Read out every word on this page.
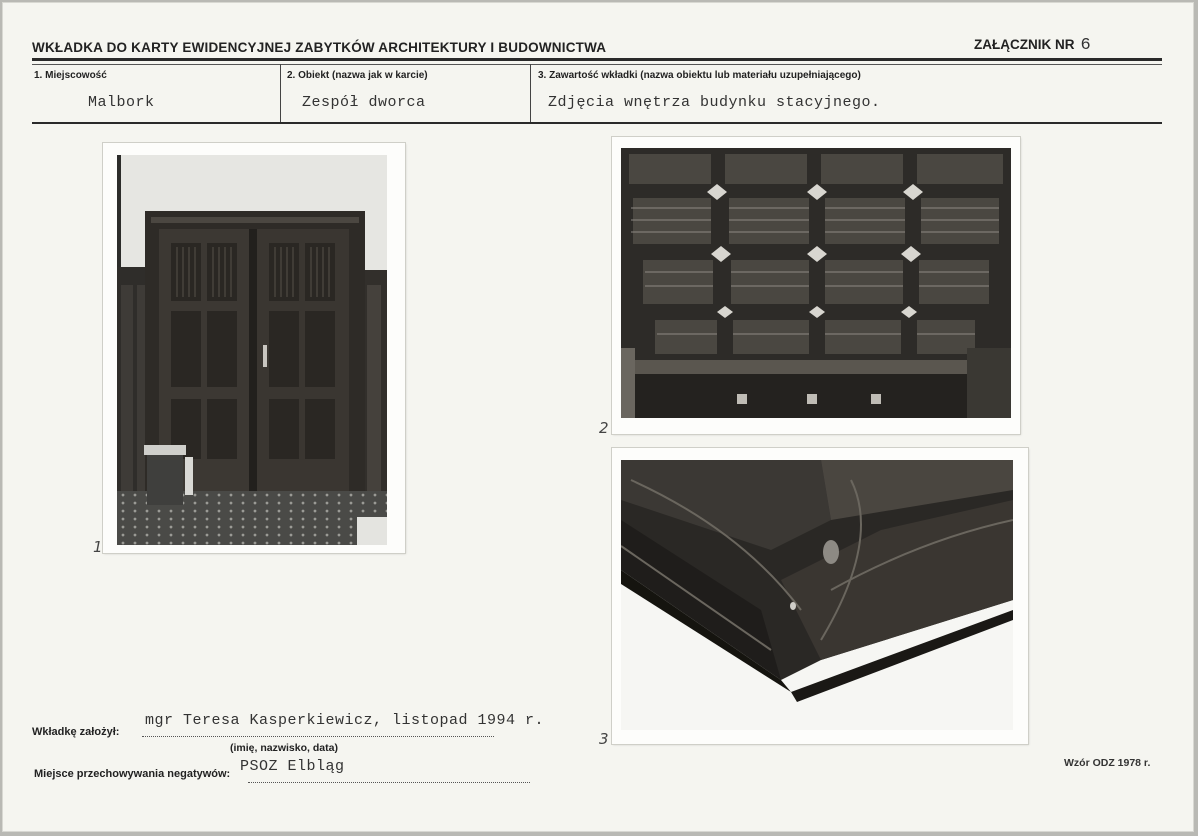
WKŁADKA DO KARTY EWIDENCYJNEJ ZABYTKÓW ARCHITEKTURY I BUDOWNICTWA	ZAŁĄCZNIK NR 6
1. Miejscowość	2. Obiekt (nazwa jak w karcie)	3. Zawartość wkładki (nazwa obiektu lub materiału uzupełniającego)
Malbork	Zespół dworca	Zdjęcia wnętrza budynku stacyjnego.
1
2
3
Wkładkę założył:
mgr Teresa Kasperkiewicz, listopad 1994 r.
(imię, nazwisko, data)
Miejsce przechowywania negatywów: PSOZ Elbląg	Wzór ODZ 1978 r.
